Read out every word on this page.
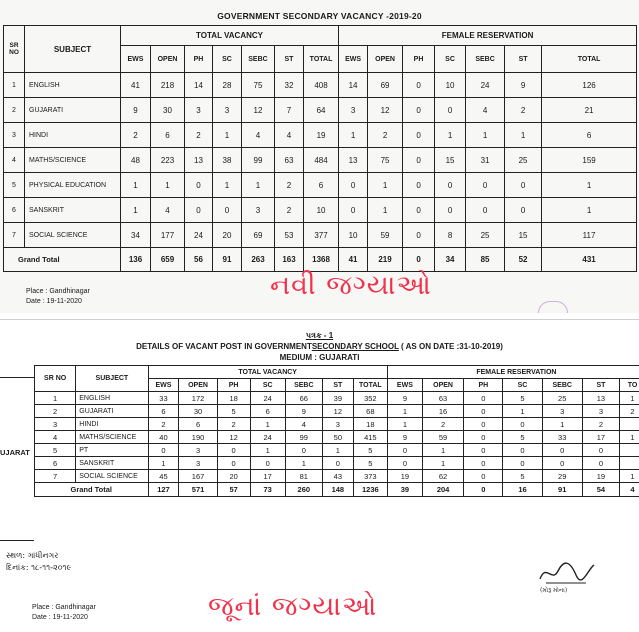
GOVERNMENT SECONDARY VACANCY -2019-20
SR NO	SUBJECT	TOTAL VACANCY							FEMALE RESERVATION						
		EWS	OPEN	PH	SC	SEBC	ST	TOTAL	EWS	OPEN	PH	SC	SEBC	ST	TOTAL
1	ENGLISH	41	218	14	28	75	32	408	14	69	0	10	24	9	126
2	GUJARATI	9	30	3	3	12	7	64	3	12	0	0	4	2	21
3	HINDI	2	6	2	1	4	4	19	1	2	0	1	1	1	6
4	MATHS/SCIENCE	48	223	13	38	99	63	484	13	75	0	15	31	25	159
5	PHYSICAL EDUCATION	1	1	0	1	1	2	6	0	1	0	0	0	0	1
6	SANSKRIT	1	4	0	0	3	2	10	0	1	0	0	0	0	1
7	SOCIAL SCIENCE	34	177	24	20	69	53	377	10	59	0	8	25	15	117
Grand Total		136	659	56	91	263	163	1368	41	219	0	34	85	52	431
Place : Gandhinagar
Date : 19-11-2020
નવી જગ્યાઓ
પત્રક - 1
DETAILS OF VACANT POST IN GOVERNMENTSECONDARY SCHOOL ( AS ON DATE :31-10-2019)
MEDIUM : GUJARATI
UJARAT
SR NO	SUBJECT	TOTAL VACANCY							FEMALE RESERVATION						
		EWS	OPEN	PH	SC	SEBC	ST	TOTAL	EWS	OPEN	PH	SC	SEBC	ST	TO
1	ENGLISH	33	172	18	24	66	39	352	9	63	0	5	25	13	1
2	GUJARATI	6	30	5	6	9	12	68	1	16	0	1	3	3	2
3	HINDI	2	6	2	1	4	3	18	1	2	0	0	1	2	
4	MATHS/SCIENCE	40	190	12	24	99	50	415	9	59	0	5	33	17	1
5	PT	0	3	0	1	0	1	5	0	1	0	0	0	0	
6	SANSKRIT	1	3	0	0	1	0	5	0	1	0	0	0	0	
7	SOCIAL SCIENCE	45	167	20	17	81	43	373	19	62	0	5	29	19	1
Grand Total		127	571	57	73	260	148	1236	39	204	0	16	91	54	4
સ્થળ: ગાંધીનગર
દિનાંક: ૧૮-૧૧-૨૦૧૯
(મોરૂ મોના)
Place : Gandhinagar
Date : 19-11-2020	જૂનાં જગ્યાઓ
